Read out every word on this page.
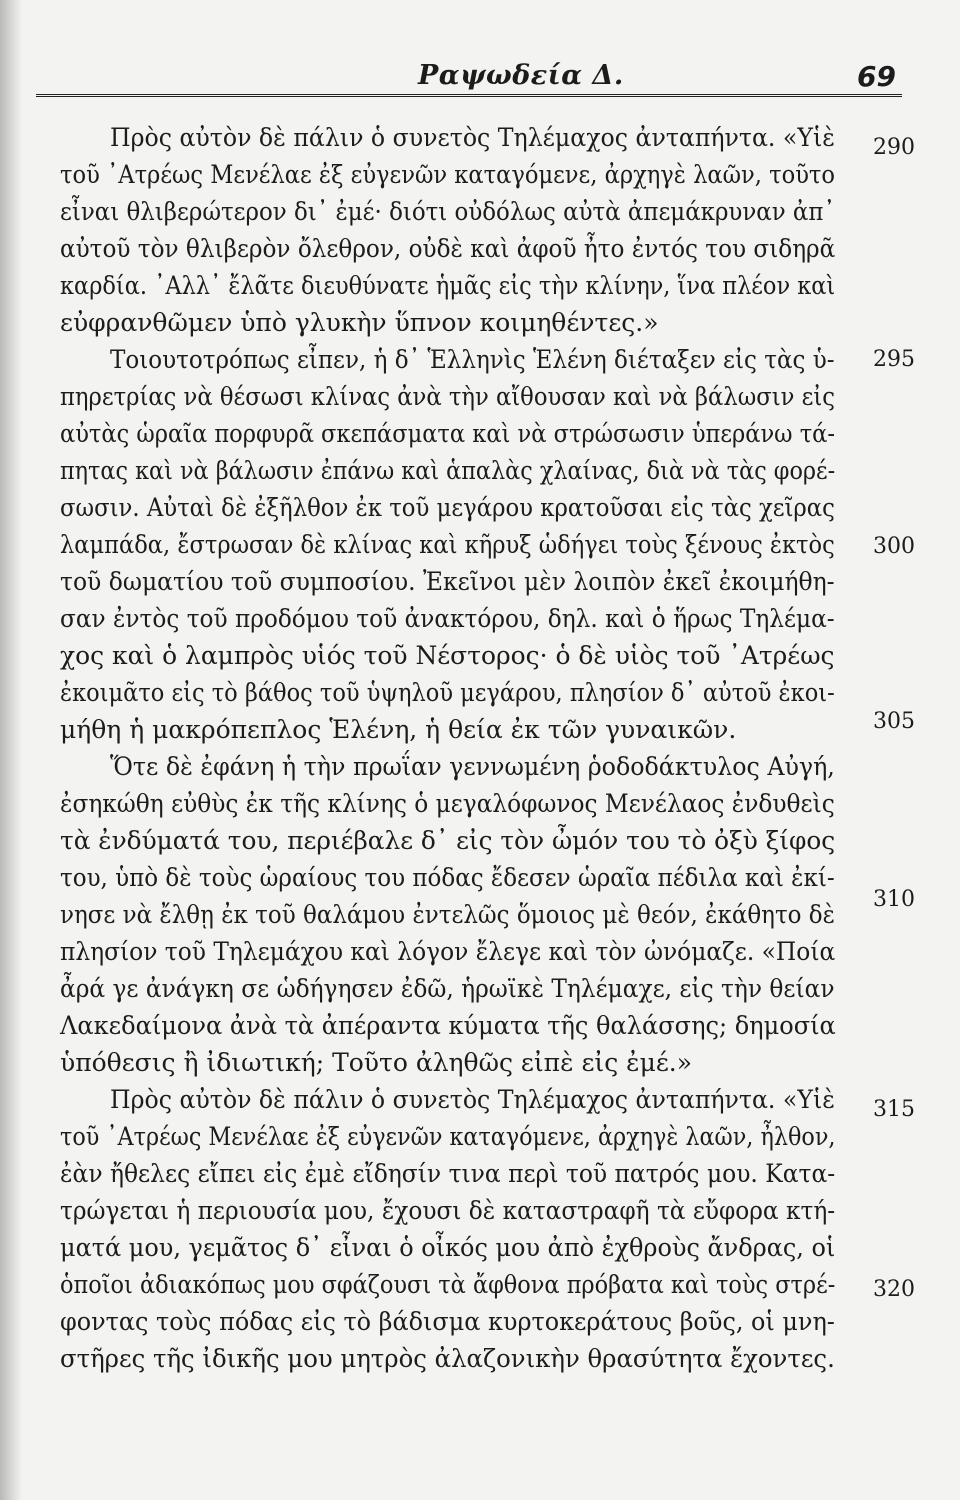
Ραψωδεία Δ.	69
Πρὸς αὐτὸν δὲ πάλιν ὁ συνετὸς Τηλέμαχος ἀνταπήντα. «Υἱὲ
τοῦ ᾿Ατρέως Μενέλαε ἐξ εὐγενῶν καταγόμενε, ἀρχηγὲ λαῶν, τοῦτο
εἶναι θλιβερώτερον δι᾿ ἐμέ· διότι οὐδόλως αὐτὰ ἀπεμάκρυναν ἀπ᾿
αὐτοῦ τὸν θλιβερὸν ὄλεθρον, οὐδὲ καὶ ἀφοῦ ἦτο ἐντός του σιδηρᾶ
καρδία. ᾿Αλλ᾿ ἔλᾶτε διευθύνατε ἡμᾶς εἰς τὴν κλίνην, ἵνα πλέον καὶ
εὐφρανθῶμεν ὑπὸ γλυκὴν ὕπνον κοιμηθέντες.»
Τοιουτοτρόπως εἶπεν, ἡ δ᾿ Ἑλληνὶς Ἑλένη διέταξεν εἰς τὰς ὑ-
πηρετρίας νὰ θέσωσι κλίνας ἀνὰ τὴν αἴθουσαν καὶ νὰ βάλωσιν εἰς
αὐτὰς ὡραῖα πορφυρᾶ σκεπάσματα καὶ νὰ στρώσωσιν ὑπεράνω τά-
πητας καὶ νὰ βάλωσιν ἐπάνω καὶ ἁπαλὰς χλαίνας, διὰ νὰ τὰς φορέ-
σωσιν. Αὐταὶ δὲ ἐξῆλθον ἐκ τοῦ μεγάρου κρατοῦσαι εἰς τὰς χεῖρας
λαμπάδα, ἔστρωσαν δὲ κλίνας καὶ κῆρυξ ὡδήγει τοὺς ξένους ἐκτὸς
τοῦ δωματίου τοῦ συμποσίου. Ἐκεῖνοι μὲν λοιπὸν ἐκεῖ ἐκοιμήθη-
σαν ἐντὸς τοῦ προδόμου τοῦ ἀνακτόρου, δηλ. καὶ ὁ ἥρως Τηλέμα-
χος καὶ ὁ λαμπρὸς υἱός τοῦ Νέστορος· ὁ δὲ υἱὸς τοῦ ᾿Ατρέως
ἐκοιμᾶτο εἰς τὸ βάθος τοῦ ὑψηλοῦ μεγάρου, πλησίον δ᾿ αὐτοῦ ἐκοι-
μήθη ἡ μακρόπεπλος Ἑλένη, ἡ θεία ἐκ τῶν γυναικῶν.
Ὅτε δὲ ἐφάνη ἡ τὴν πρωΐαν γεννωμένη ῥοδοδάκτυλος Αὐγή,
ἐσηκώθη εὐθὺς ἐκ τῆς κλίνης ὁ μεγαλόφωνος Μενέλαος ἐνδυθεὶς
τὰ ἐνδύματά του, περιέβαλε δ᾿ εἰς τὸν ὦμόν του τὸ ὀξὺ ξίφος
του, ὑπὸ δὲ τοὺς ὡραίους του πόδας ἔδεσεν ὡραῖα πέδιλα καὶ ἐκί-
νησε νὰ ἔλθῃ ἐκ τοῦ θαλάμου ἐντελῶς ὅμοιος μὲ θεόν, ἐκάθητο δὲ
πλησίον τοῦ Τηλεμάχου καὶ λόγον ἔλεγε καὶ τὸν ὠνόμαζε. «Ποία
ἆρά γε ἀνάγκη σε ὡδήγησεν ἐδῶ, ἡρωϊκὲ Τηλέμαχε, εἰς τὴν θείαν
Λακεδαίμονα ἀνὰ τὰ ἀπέραντα κύματα τῆς θαλάσσης; δημοσία
ὑπόθεσις ἢ ἰδιωτική; Τοῦτο ἀληθῶς εἰπὲ εἰς ἐμέ.»
Πρὸς αὐτὸν δὲ πάλιν ὁ συνετὸς Τηλέμαχος ἀνταπήντα. «Υἱὲ
τοῦ ᾿Ατρέως Μενέλαε ἐξ εὐγενῶν καταγόμενε, ἀρχηγὲ λαῶν, ἦλθον,
ἐὰν ἤθελες εἴπει εἰς ἐμὲ εἴδησίν τινα περὶ τοῦ πατρός μου. Κατα-
τρώγεται ἡ περιουσία μου, ἔχουσι δὲ καταστραφῆ τὰ εὔφορα κτή-
ματά μου, γεμᾶτος δ᾿ εἶναι ὁ οἶκός μου ἀπὸ ἐχθροὺς ἄνδρας, οἱ
ὁποῖοι ἀδιακόπως μου σφάζουσι τὰ ἄφθονα πρόβατα καὶ τοὺς στρέ-
φοντας τοὺς πόδας εἰς τὸ βάδισμα κυρτοκεράτους βοῦς, οἱ μνη-
στῆρες τῆς ἰδικῆς μου μητρὸς ἀλαζονικὴν θρασύτητα ἔχοντες.
290
295
300
305
310
315
320
